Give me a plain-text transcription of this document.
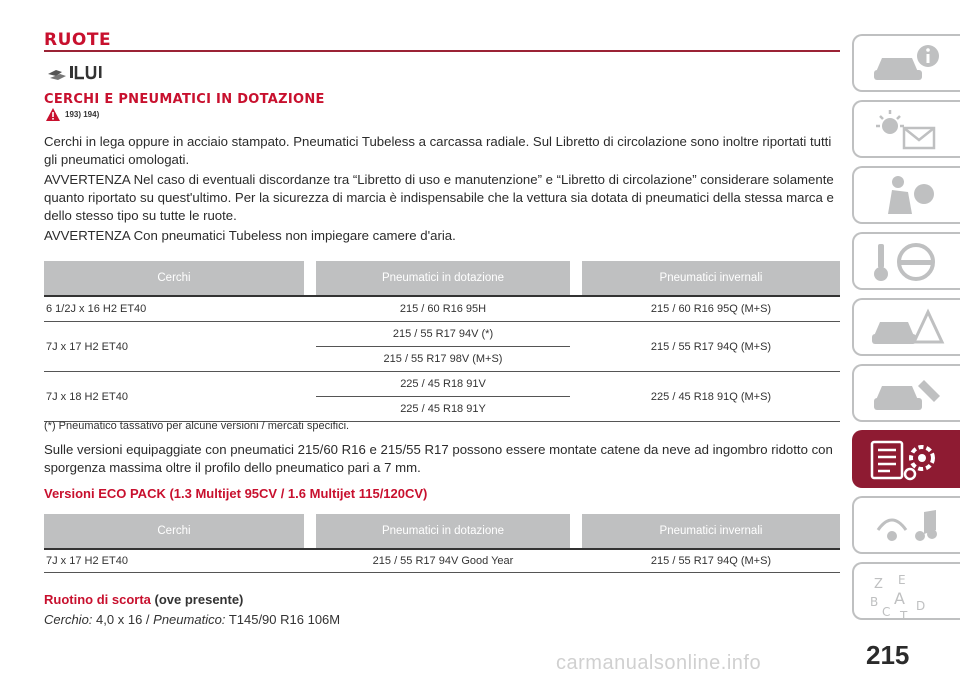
RUOTE
CERCHI E PNEUMATICI IN DOTAZIONE
193) 194)
Cerchi in lega oppure in acciaio stampato. Pneumatici Tubeless a carcassa radiale. Sul Libretto di circolazione sono inoltre riportati tutti gli pneumatici omologati.
AVVERTENZA Nel caso di eventuali discordanze tra “Libretto di uso e manutenzione” e “Libretto di circolazione” considerare solamente quanto riportato su quest'ultimo. Per la sicurezza di marcia è indispensabile che la vettura sia dotata di pneumatici della stessa marca e dello stesso tipo su tutte le ruote.
AVVERTENZA Con pneumatici Tubeless non impiegare camere d'aria.
Cerchi		Pneumatici in dotazione		Pneumatici invernali
6 1/2J x 16 H2 ET40		215 / 60 R16 95H		215 / 60 R16 95Q (M+S)
7J x 17 H2 ET40		215 / 55 R17 94V (*)		215 / 55 R17 94Q (M+S)
		215 / 55 R17 98V (M+S)		
7J x 18 H2 ET40		225 / 45 R18 91V		225 / 45 R18 91Q (M+S)
		225 / 45 R18 91Y		
(*) Pneumatico tassativo per alcune versioni / mercati specifici.
Sulle versioni equipaggiate con pneumatici 215/60 R16 e 215/55 R17 possono essere montate catene da neve ad ingombro ridotto con sporgenza massima oltre il profilo dello pneumatico pari a 7 mm.
Versioni ECO PACK (1.3 Multijet 95CV / 1.6 Multijet 115/120CV)
Cerchi		Pneumatici in dotazione		Pneumatici invernali
7J x 17 H2 ET40		215 / 55 R17 94V Good Year		215 / 55 R17 94Q (M+S)
Ruotino di scorta (ove presente)
Cerchio: 4,0 x 16 / Pneumatico: T145/90 R16 106M
Z E
B A D
C T
215
carmanualsonline.info
